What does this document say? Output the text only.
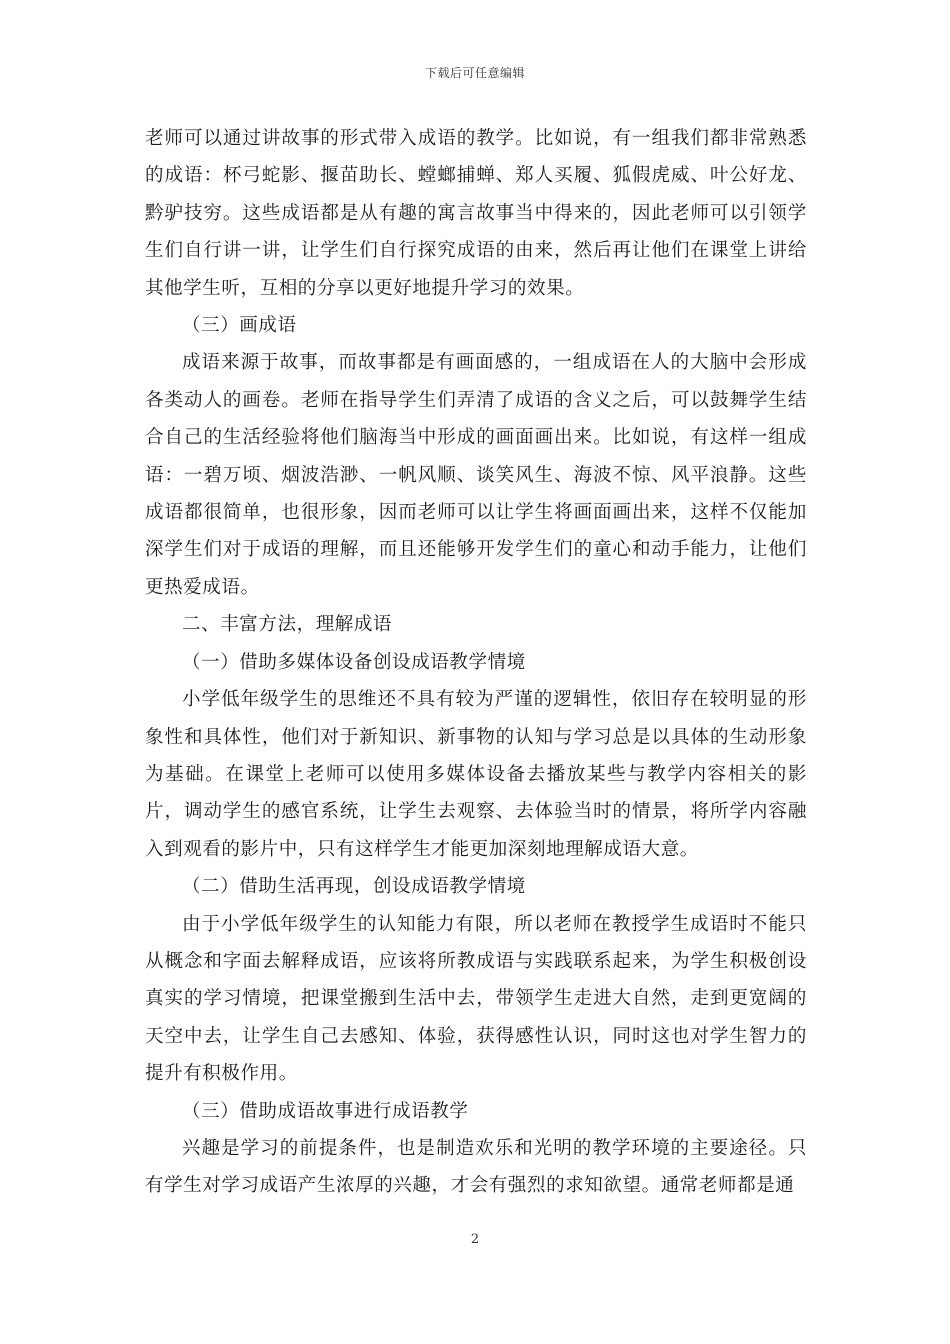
下载后可任意编辑

老师可以通过讲故事的形式带入成语的教学。比如说，有一组我们都非常熟悉的成语：杯弓蛇影、揠苗助长、螳螂捕蝉、郑人买履、狐假虎威、叶公好龙、黔驴技穷。这些成语都是从有趣的寓言故事当中得来的，因此老师可以引领学生们自行讲一讲，让学生们自行探究成语的由来，然后再让他们在课堂上讲给其他学生听，互相的分享以更好地提升学习的效果。

（三）画成语

成语来源于故事，而故事都是有画面感的，一组成语在人的大脑中会形成各类动人的画卷。老师在指导学生们弄清了成语的含义之后，可以鼓舞学生结合自己的生活经验将他们脑海当中形成的画面画出来。比如说，有这样一组成语：一碧万顷、烟波浩渺、一帆风顺、谈笑风生、海波不惊、风平浪静。这些成语都很简单，也很形象，因而老师可以让学生将画面画出来，这样不仅能加深学生们对于成语的理解，而且还能够开发学生们的童心和动手能力，让他们更热爱成语。

二、丰富方法，理解成语

（一）借助多媒体设备创设成语教学情境

小学低年级学生的思维还不具有较为严谨的逻辑性，依旧存在较明显的形象性和具体性，他们对于新知识、新事物的认知与学习总是以具体的生动形象为基础。在课堂上老师可以使用多媒体设备去播放某些与教学内容相关的影片，调动学生的感官系统，让学生去观察、去体验当时的情景，将所学内容融入到观看的影片中，只有这样学生才能更加深刻地理解成语大意。

（二）借助生活再现，创设成语教学情境

由于小学低年级学生的认知能力有限，所以老师在教授学生成语时不能只从概念和字面去解释成语，应该将所教成语与实践联系起来，为学生积极创设真实的学习情境，把课堂搬到生活中去，带领学生走进大自然，走到更宽阔的天空中去，让学生自己去感知、体验，获得感性认识，同时这也对学生智力的提升有积极作用。

（三）借助成语故事进行成语教学

兴趣是学习的前提条件，也是制造欢乐和光明的教学环境的主要途径。只有学生对学习成语产生浓厚的兴趣，才会有强烈的求知欲望。通常老师都是通

2
